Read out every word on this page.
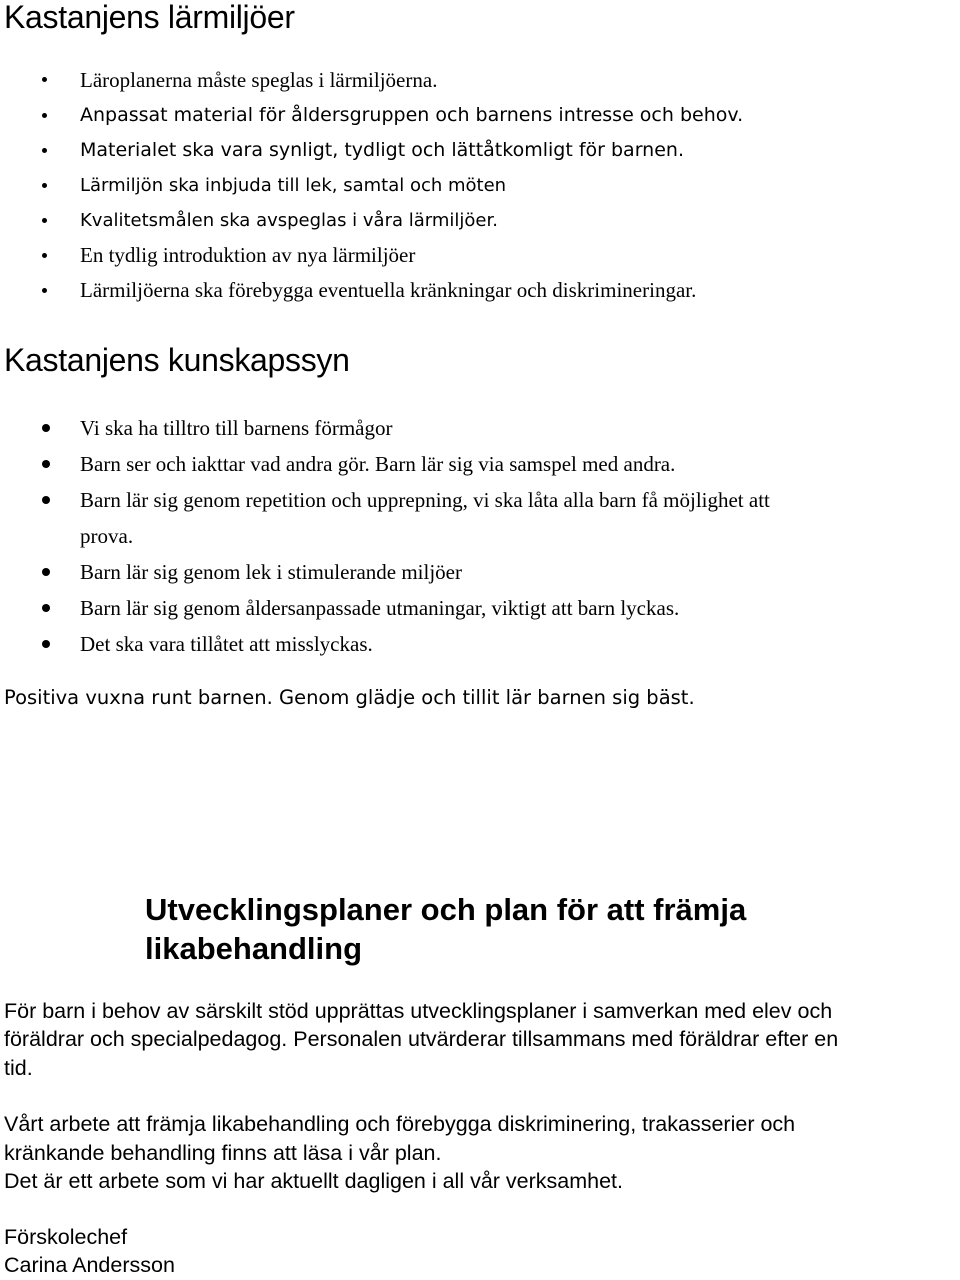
Kastanjens lärmiljöer
Läroplanerna måste speglas i lärmiljöerna.
Anpassat material för åldersgruppen och barnens intresse och behov.
Materialet ska vara synligt, tydligt och lättåtkomligt för barnen.
Lärmiljön ska inbjuda till lek, samtal och möten
Kvalitetsmålen ska avspeglas i våra lärmiljöer.
En tydlig introduktion av nya lärmiljöer
Lärmiljöerna ska förebygga eventuella kränkningar och diskrimineringar.
Kastanjens kunskapssyn
Vi ska ha tilltro till barnens förmågor
Barn ser och iakttar vad andra gör. Barn lär sig via samspel med andra.
Barn lär sig genom repetition och upprepning, vi ska låta alla barn få möjlighet att
prova.
Barn lär sig genom lek i stimulerande miljöer
Barn lär sig genom åldersanpassade utmaningar, viktigt att barn lyckas.
Det ska vara tillåtet att misslyckas.
Positiva vuxna runt barnen. Genom glädje och tillit lär barnen sig bäst.
Utvecklingsplaner och plan för att främja
likabehandling
För barn i behov av särskilt stöd upprättas utvecklingsplaner i samverkan med elev och
föräldrar och specialpedagog. Personalen utvärderar tillsammans med föräldrar efter en
tid.
Vårt arbete att främja likabehandling och förebygga diskriminering, trakasserier och
kränkande behandling finns att läsa i vår plan.
Det är ett arbete som vi har aktuellt dagligen i all vår verksamhet.
Förskolechef
Carina Andersson
